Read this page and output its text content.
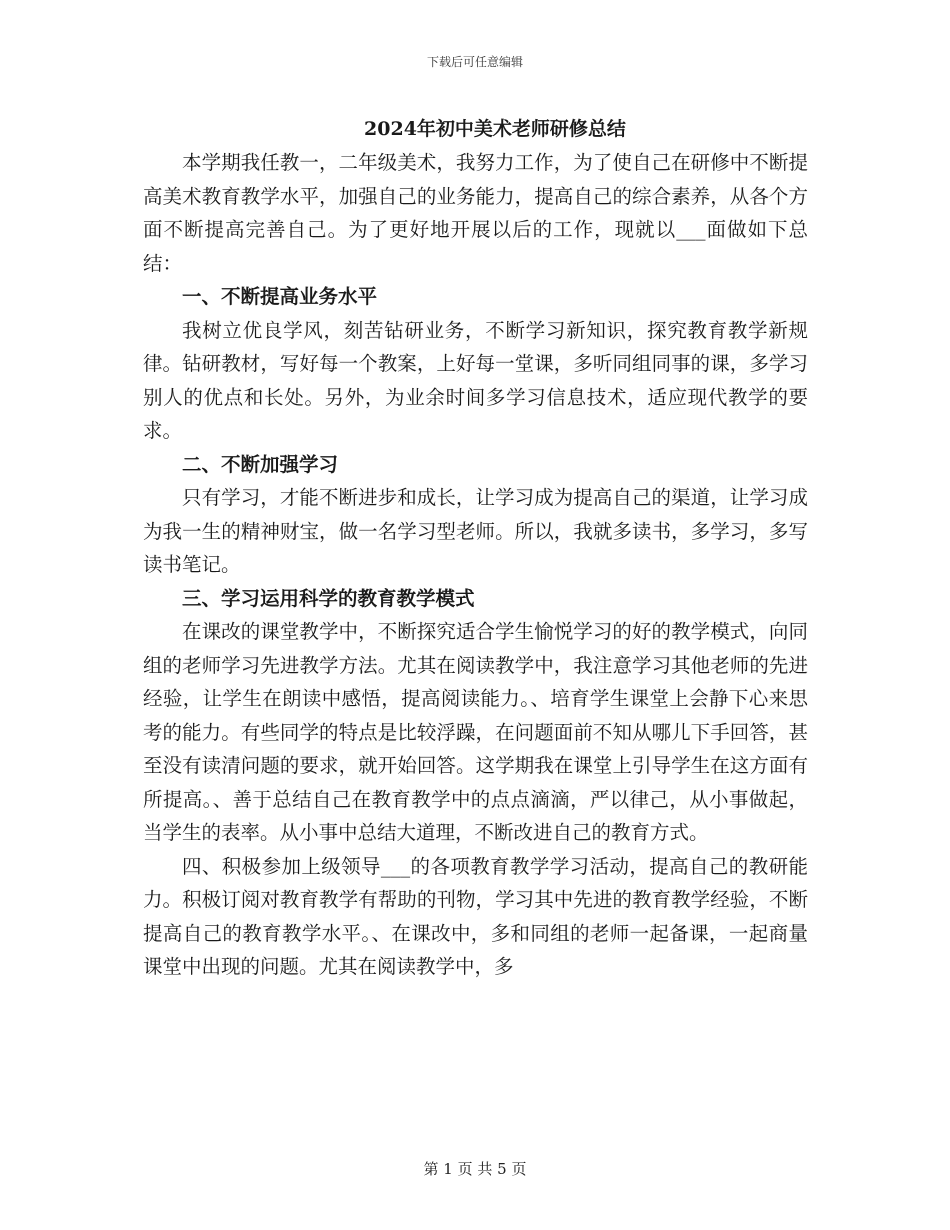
下载后可任意编辑
2024年初中美术老师研修总结

本学期我任教一，二年级美术，我努力工作，为了使自己在研修中不断提高美术教育教学水平，加强自己的业务能力，提高自己的综合素养，从各个方面不断提高完善自己。为了更好地开展以后的工作，现就以___面做如下总结：

一、不断提高业务水平

我树立优良学风，刻苦钻研业务，不断学习新知识，探究教育教学新规律。钻研教材，写好每一个教案，上好每一堂课，多听同组同事的课，多学习别人的优点和长处。另外，为业余时间多学习信息技术，适应现代教学的要求。

二、不断加强学习

只有学习，才能不断进步和成长，让学习成为提高自己的渠道，让学习成为我一生的精神财宝，做一名学习型老师。所以，我就多读书，多学习，多写读书笔记。

三、学习运用科学的教育教学模式

在课改的课堂教学中，不断探究适合学生愉悦学习的好的教学模式，向同组的老师学习先进教学方法。尤其在阅读教学中，我注意学习其他老师的先进经验，让学生在朗读中感悟，提高阅读能力。、培育学生课堂上会静下心来思考的能力。有些同学的特点是比较浮躁，在问题面前不知从哪儿下手回答，甚至没有读清问题的要求，就开始回答。这学期我在课堂上引导学生在这方面有所提高。、善于总结自己在教育教学中的点点滴滴，严以律己，从小事做起，当学生的表率。从小事中总结大道理，不断改进自己的教育方式。

四、积极参加上级领导___的各项教育教学学习活动，提高自己的教研能力。积极订阅对教育教学有帮助的刊物，学习其中先进的教育教学经验，不断提高自己的教育教学水平。、在课改中，多和同组的老师一起备课，一起商量课堂中出现的问题。尤其在阅读教学中，多

第 1 页 共 5 页
